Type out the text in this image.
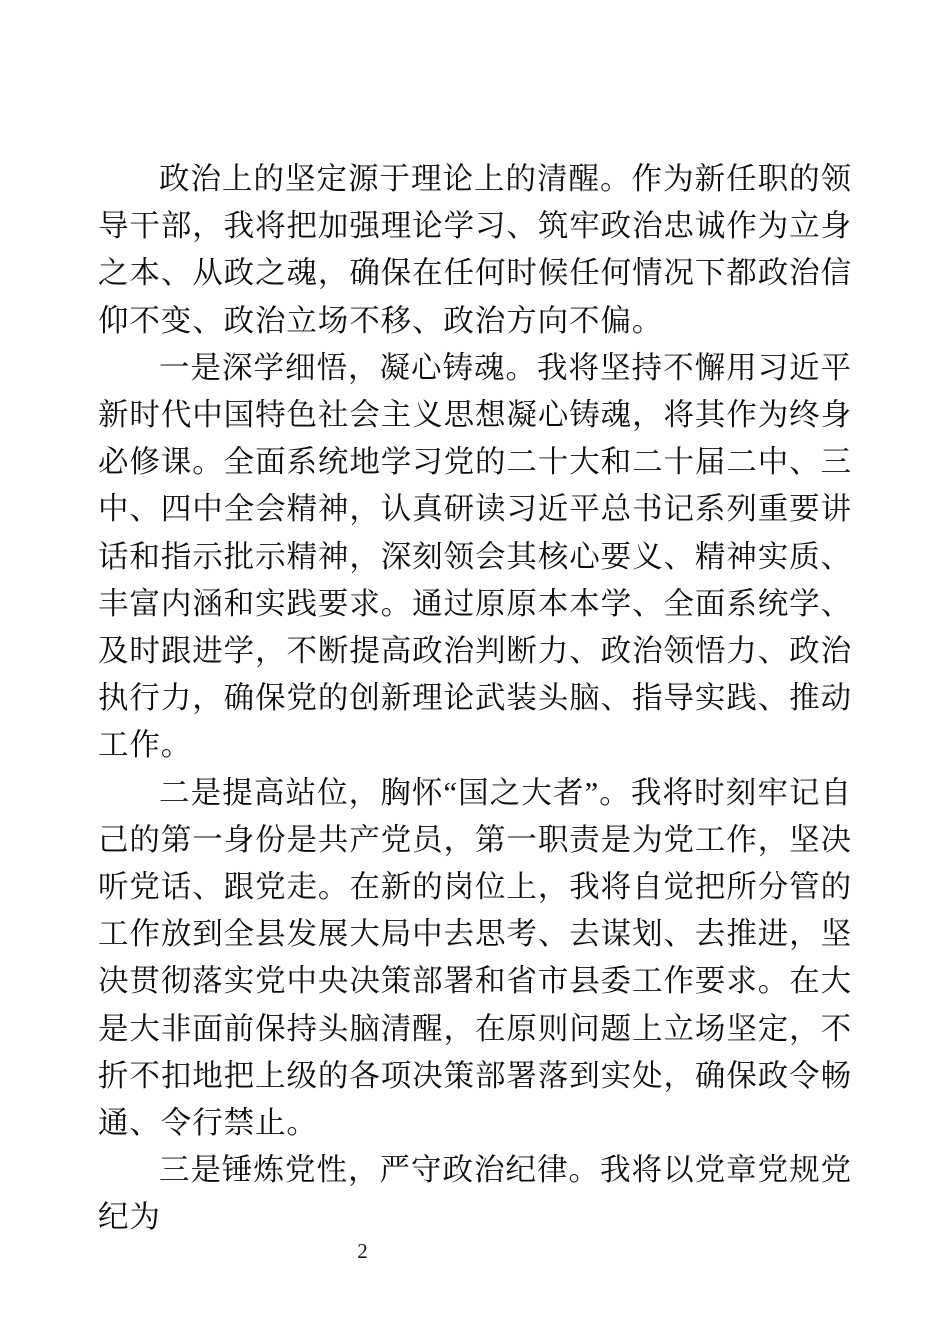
政治上的坚定源于理论上的清醒。作为新任职的领导干部，我将把加强理论学习、筑牢政治忠诚作为立身之本、从政之魂，确保在任何时候任何情况下都政治信仰不变、政治立场不移、政治方向不偏。

一是深学细悟，凝心铸魂。我将坚持不懈用习近平新时代中国特色社会主义思想凝心铸魂，将其作为终身必修课。全面系统地学习党的二十大和二十届二中、三中、四中全会精神，认真研读习近平总书记系列重要讲话和指示批示精神，深刻领会其核心要义、精神实质、丰富内涵和实践要求。通过原原本本学、全面系统学、及时跟进学，不断提高政治判断力、政治领悟力、政治执行力，确保党的创新理论武装头脑、指导实践、推动工作。

二是提高站位，胸怀“国之大者”。我将时刻牢记自己的第一身份是共产党员，第一职责是为党工作，坚决听党话、跟党走。在新的岗位上，我将自觉把所分管的工作放到全县发展大局中去思考、去谋划、去推进，坚决贯彻落实党中央决策部署和省市县委工作要求。在大是大非面前保持头脑清醒，在原则问题上立场坚定，不折不扣地把上级的各项决策部署落到实处，确保政令畅通、令行禁止。

三是锤炼党性，严守政治纪律。我将以党章党规党纪为

2
